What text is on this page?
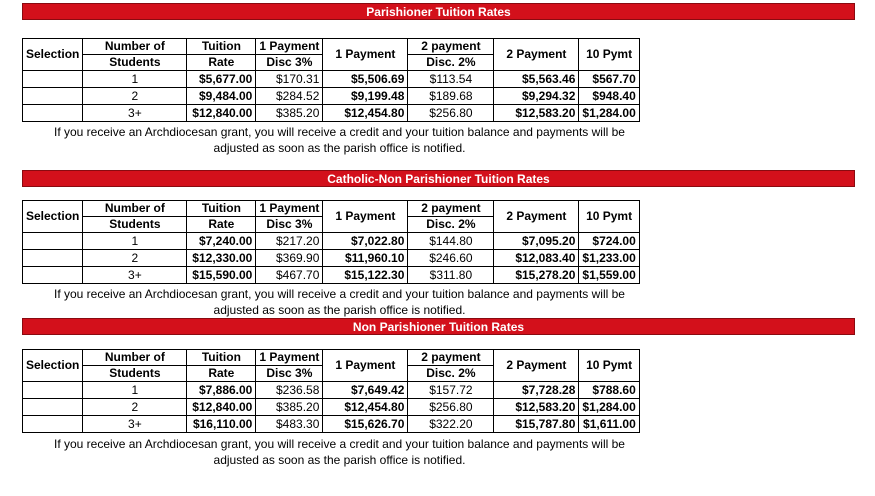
Parishioner Tuition Rates
Selection	Number of	Tuition	1 Payment	1 Payment	2 payment	2 Payment	10 Pymt
	Students	Rate	Disc 3%		Disc. 2%		
	1	$5,677.00	$170.31	$5,506.69	$113.54	$5,563.46	$567.70
	2	$9,484.00	$284.52	$9,199.48	$189.68	$9,294.32	$948.40
	3+	$12,840.00	$385.20	$12,454.80	$256.80	$12,583.20	$1,284.00
If you receive an Archdiocesan grant, you will receive a credit and your tuition balance and payments will be
adjusted as soon as the parish office is notified.
Catholic-Non Parishioner Tuition Rates
Selection	Number of	Tuition	1 Payment	1 Payment	2 payment	2 Payment	10 Pymt
	Students	Rate	Disc 3%		Disc. 2%		
	1	$7,240.00	$217.20	$7,022.80	$144.80	$7,095.20	$724.00
	2	$12,330.00	$369.90	$11,960.10	$246.60	$12,083.40	$1,233.00
	3+	$15,590.00	$467.70	$15,122.30	$311.80	$15,278.20	$1,559.00
If you receive an Archdiocesan grant, you will receive a credit and your tuition balance and payments will be
adjusted as soon as the parish office is notified.
Non Parishioner Tuition Rates
Selection	Number of	Tuition	1 Payment	1 Payment	2 payment	2 Payment	10 Pymt
	Students	Rate	Disc 3%		Disc. 2%		
	1	$7,886.00	$236.58	$7,649.42	$157.72	$7,728.28	$788.60
	2	$12,840.00	$385.20	$12,454.80	$256.80	$12,583.20	$1,284.00
	3+	$16,110.00	$483.30	$15,626.70	$322.20	$15,787.80	$1,611.00
If you receive an Archdiocesan grant, you will receive a credit and your tuition balance and payments will be
adjusted as soon as the parish office is notified.
